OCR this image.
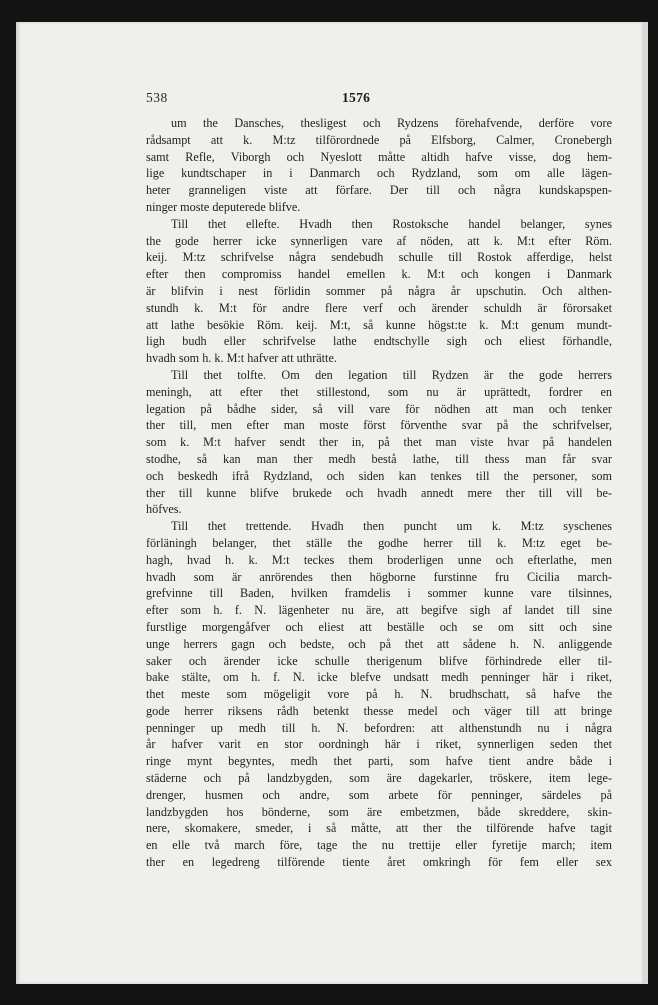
538	1576
um the Dansches, thesligest och Rydzens förehafvende, derföre vore
rådsampt att k. M:tz tilförordnede på Elfsborg, Calmer, Cronebergh
samt Refle, Viborgh och Nyeslott måtte altidh hafve visse, dog hem-
lige kundtschaper in i Danmarch och Rydzland, som om alle lägen-
heter granneligen viste att förfare. Der till och några kundskapspen-
ninger moste deputerede blifve.
Till thet ellefte. Hvadh then Rostoksche handel belanger, synes
the gode herrer icke synnerligen vare af nöden, att k. M:t efter Röm.
keij. M:tz schrifvelse några sendebudh schulle till Rostok afferdige, helst
efter then compromiss handel emellen k. M:t och kongen i Danmark
är blifvin i nest förlidin sommer på några år upschutin. Och althen-
stundh k. M:t för andre flere verf och ärender schuldh är förorsaket
att lathe besökie Röm. keij. M:t, så kunne högst:te k. M:t genum mundt-
ligh budh eller schrifvelse lathe endtschylle sigh och eliest förhandle,
hvadh som h. k. M:t hafver att uthrätte.
Till thet tolfte. Om den legation till Rydzen är the gode herrers
meningh, att efter thet stillestond, som nu är uprättedt, fordrer en
legation på bådhe sider, så vill vare för nödhen att man och tenker
ther till, men efter man moste först förventhe svar på the schrifvelser,
som k. M:t hafver sendt ther in, på thet man viste hvar på handelen
stodhe, så kan man ther medh bestå lathe, till thess man får svar
och beskedh ifrå Rydzland, och siden kan tenkes till the personer, som
ther till kunne blifve brukede och hvadh annedt mere ther till vill be-
höfves.
Till thet trettende. Hvadh then puncht um k. M:tz syschenes
förläningh belanger, thet ställe the godhe herrer till k. M:tz eget be-
hagh, hvad h. k. M:t teckes them broderligen unne och efterlathe, men
hvadh som är anrörendes then högborne furstinne fru Cicilia march-
grefvinne till Baden, hvilken framdelis i sommer kunne vare tilsinnes,
efter som h. f. N. lägenheter nu äre, att begifve sigh af landet till sine
furstlige morgengåfver och eliest att beställe och se om sitt och sine
unge herrers gagn och bedste, och på thet att sådene h. N. anliggende
saker och ärender icke schulle therigenum blifve förhindrede eller til-
bake stälte, om h. f. N. icke blefve undsatt medh penninger här i riket,
thet meste som mögeligit vore på h. N. brudhschatt, så hafve the
gode herrer riksens rådh betenkt thesse medel och väger till att bringe
penninger up medh till h. N. befordren: att althenstundh nu i några
år hafver varit en stor oordningh här i riket, synnerligen seden thet
ringe mynt begyntes, medh thet parti, som hafve tient andre både i
städerne och på landzbygden, som äre dagekarler, tröskere, item lege-
drenger, husmen och andre, som arbete för penninger, särdeles på
landzbygden hos bönderne, som äre embetzmen, både skreddere, skin-
nere, skomakere, smeder, i så måtte, att ther the tilförende hafve tagit
en elle två march före, tage the nu trettije eller fyretije march; item
ther en legedreng tilförende tiente året omkringh för fem eller sex
